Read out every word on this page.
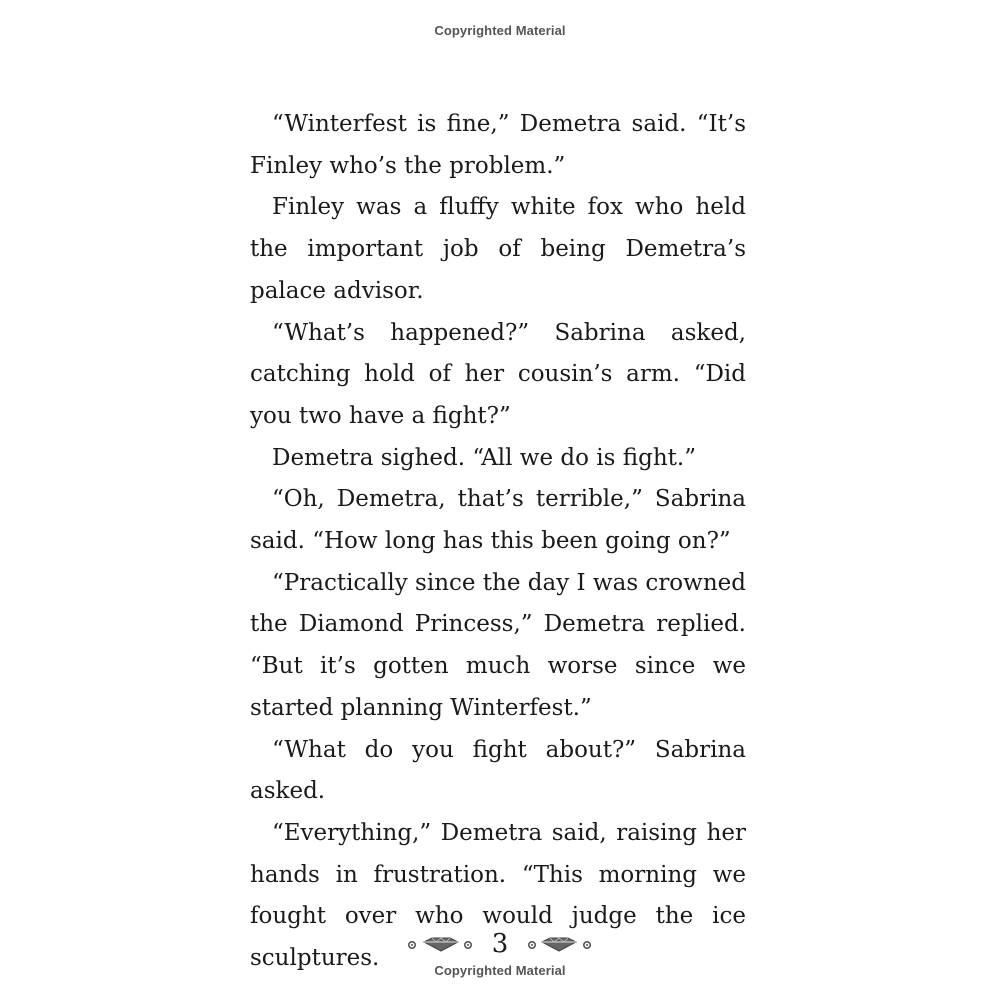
Copyrighted Material

“Winterfest is fine,” Demetra said. “It’s Finley who’s the problem.”

Finley was a fluffy white fox who held the important job of being Demetra’s palace advisor.

“What’s happened?” Sabrina asked, catching hold of her cousin’s arm. “Did you two have a fight?”

Demetra sighed. “All we do is fight.”

“Oh, Demetra, that’s terrible,” Sabrina said. “How long has this been going on?”

“Practically since the day I was crowned the Diamond Princess,” Demetra replied. “But it’s gotten much worse since we started planning Winterfest.”

“What do you fight about?” Sabrina asked.

“Everything,” Demetra said, raising her hands in frustration. “This morning we fought over who would judge the ice sculptures.	3
Copyrighted Material
